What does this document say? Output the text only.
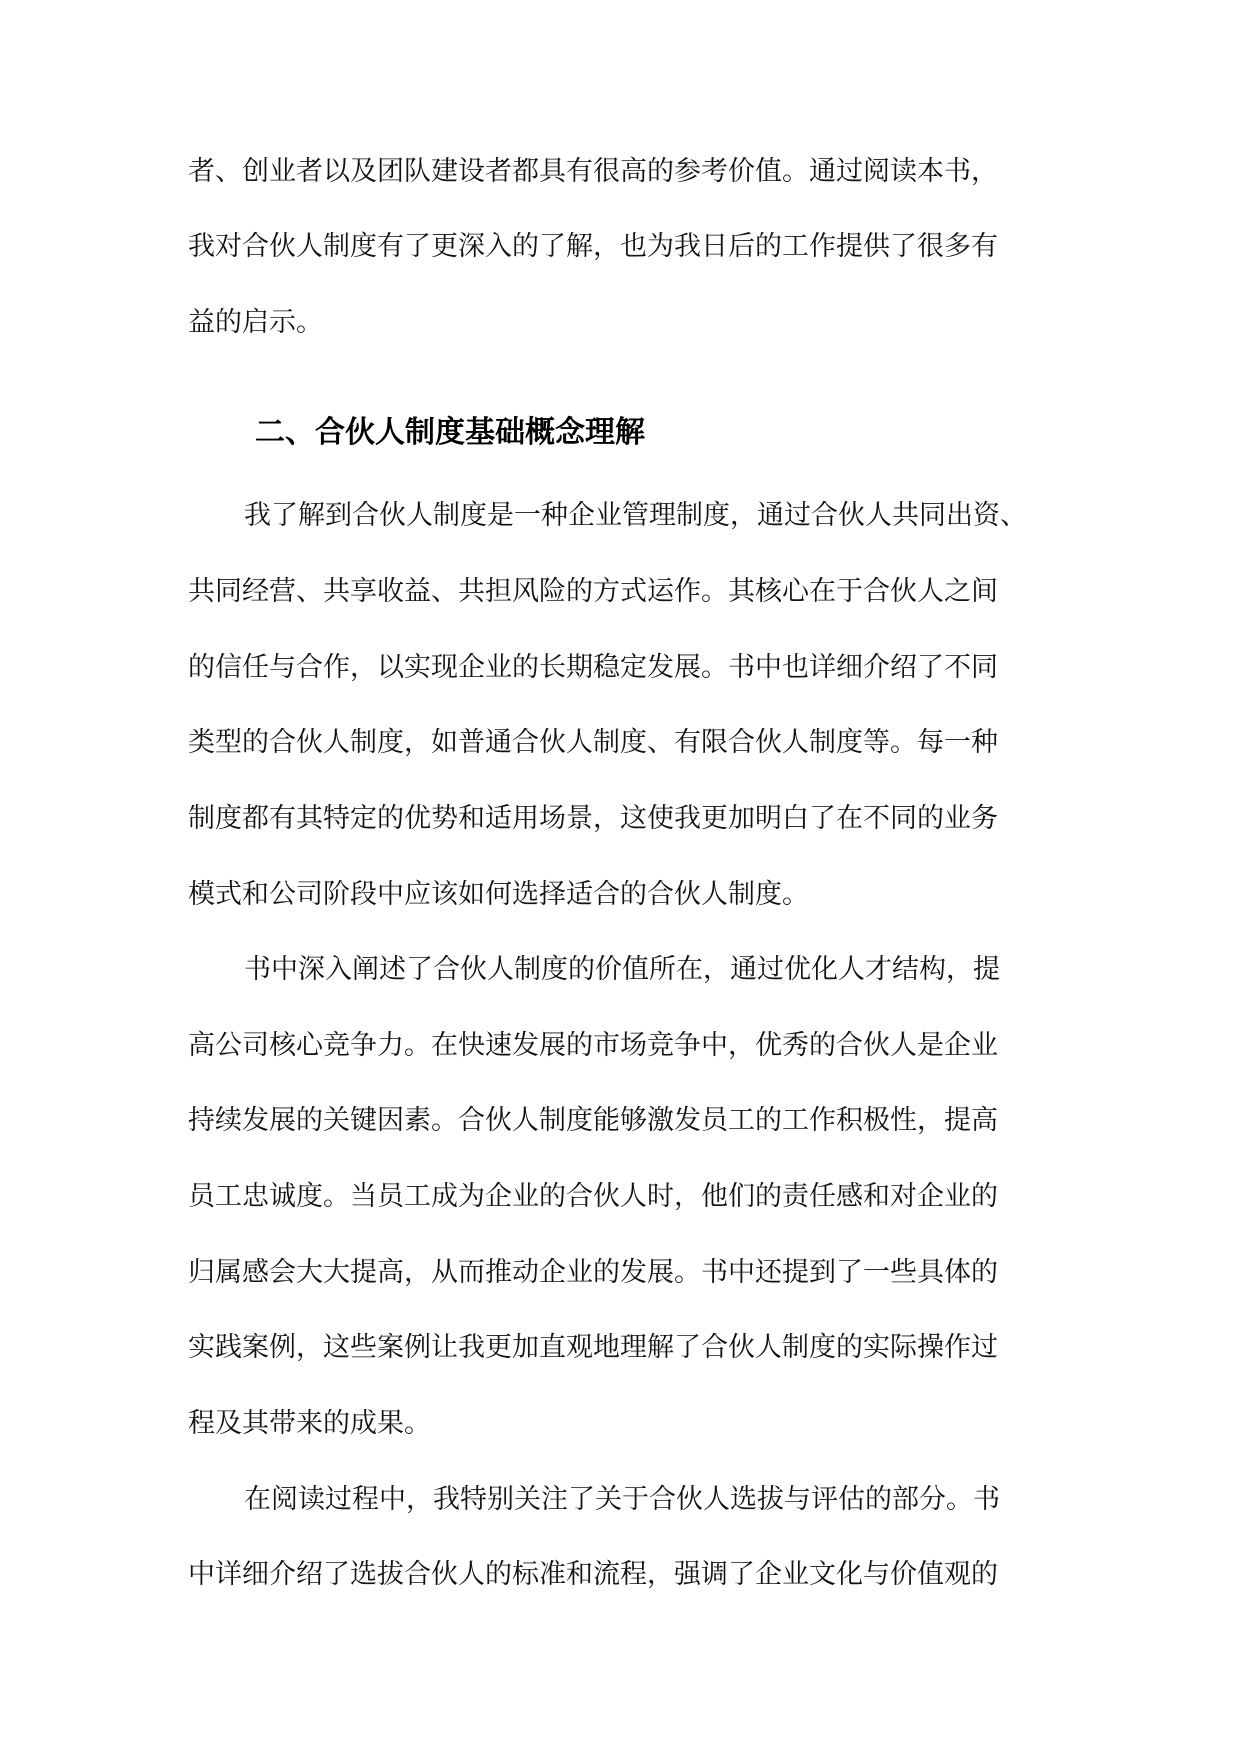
者、创业者以及团队建设者都具有很高的参考价值。通过阅读本书，
我对合伙人制度有了更深入的了解，也为我日后的工作提供了很多有
益的启示。
二、合伙人制度基础概念理解
我了解到合伙人制度是一种企业管理制度，通过合伙人共同出资、
共同经营、共享收益、共担风险的方式运作。其核心在于合伙人之间
的信任与合作，以实现企业的长期稳定发展。书中也详细介绍了不同
类型的合伙人制度，如普通合伙人制度、有限合伙人制度等。每一种
制度都有其特定的优势和适用场景，这使我更加明白了在不同的业务
模式和公司阶段中应该如何选择适合的合伙人制度。
书中深入阐述了合伙人制度的价值所在，通过优化人才结构，提
高公司核心竞争力。在快速发展的市场竞争中，优秀的合伙人是企业
持续发展的关键因素。合伙人制度能够激发员工的工作积极性，提高
员工忠诚度。当员工成为企业的合伙人时，他们的责任感和对企业的
归属感会大大提高，从而推动企业的发展。书中还提到了一些具体的
实践案例，这些案例让我更加直观地理解了合伙人制度的实际操作过
程及其带来的成果。
在阅读过程中，我特别关注了关于合伙人选拔与评估的部分。书
中详细介绍了选拔合伙人的标准和流程，强调了企业文化与价值观的
